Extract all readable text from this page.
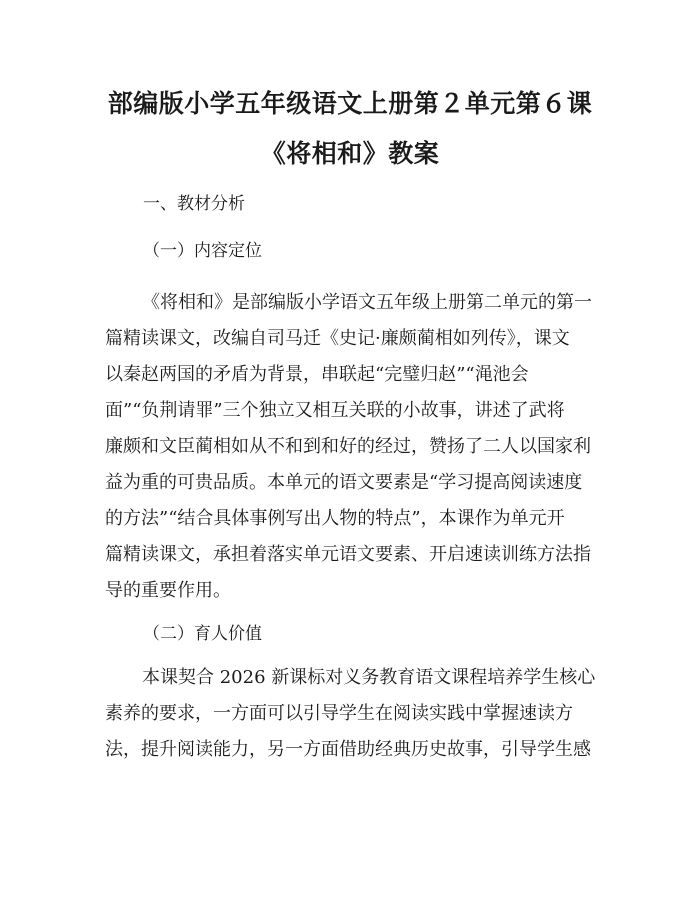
部编版小学五年级语文上册第２单元第６课
《将相和》教案
一、教材分析
（一）内容定位

《将相和》是部编版小学语文五年级上册第二单元的第一
篇精读课文，改编自司马迁《史记·廉颇蔺相如列传》，课文
以秦赵两国的矛盾为背景，串联起“完璧归赵”“渑池会
面”“负荆请罪”三个独立又相互关联的小故事，讲述了武将
廉颇和文臣蔺相如从不和到和好的经过，赞扬了二人以国家利
益为重的可贵品质。本单元的语文要素是“学习提高阅读速度
的方法”“结合具体事例写出人物的特点”，本课作为单元开
篇精读课文，承担着落实单元语文要素、开启速读训练方法指
导的重要作用。

（二）育人价值

本课契合 2026 新课标对义务教育语文课程培养学生核心
素养的要求，一方面可以引导学生在阅读实践中掌握速读方
法，提升阅读能力，另一方面借助经典历史故事，引导学生感
